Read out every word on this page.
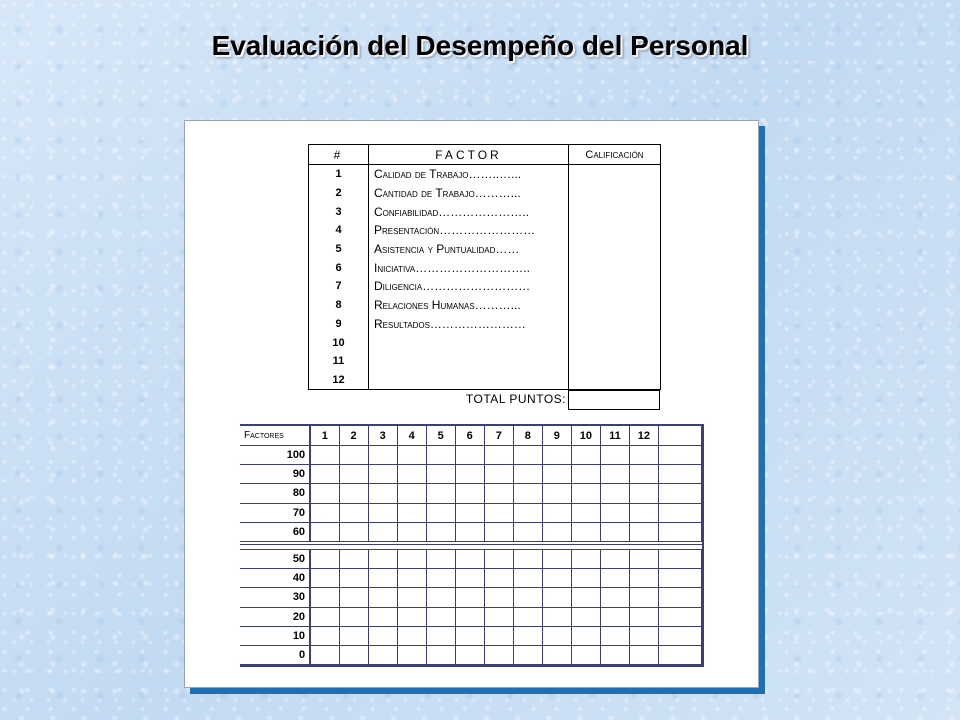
Evaluación del Desempeño del Personal
#	FACTOR	Calificación
1	Calidad de Trabajo……..…...	
2	Cantidad de Trabajo………...	
3	Confiabilidad…………………..	
4	Presentación……………………	
5	Asistencia y Puntualidad……	
6	Iniciativa………………………..	
7	Diligencia………………………	
8	Relaciones Humanas………...	
9	Resultados……………………	
10		
11		
12		
TOTAL PUNTOS:
Factores	1	2	3	4	5	6	7	8	9	10	11	12	
100													
90													
80													
70													
60													

50													
40													
30													
20													
10													
0													
